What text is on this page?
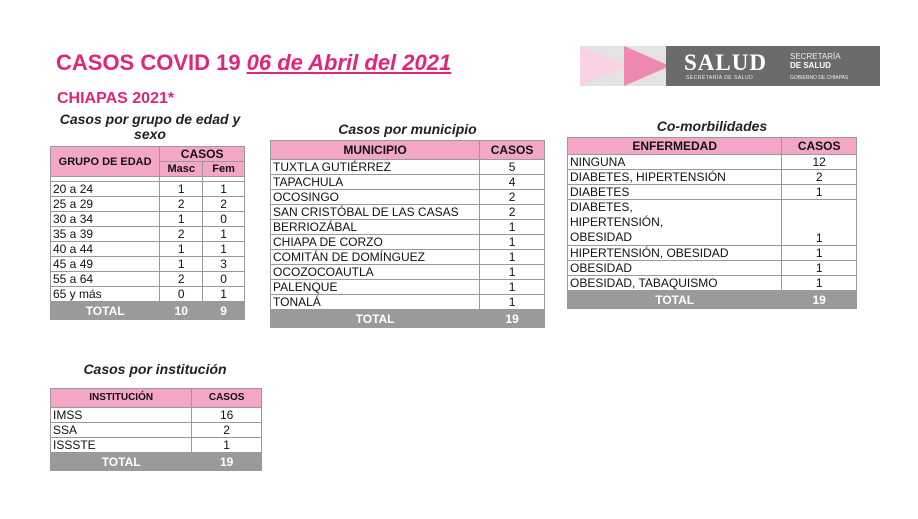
CASOS COVID 19 06 de Abril del 2021
CHIAPAS 2021*
SALUD
SECRETARÍA DE SALUD
SECRETARÍA
DE SALUD
GOBIERNO DE CHIAPAS
Casos por grupo de edad y sexo
GRUPO DE EDAD	CASOS	
	Masc	Fem

20 a 24	1	1
25 a 29	2	2
30 a 34	1	0
35 a 39	2	1
40 a 44	1	1
45 a 49	1	3
55 a 64	2	0
65 y más	0	1
TOTAL	10	9
Casos por municipio
MUNICIPIO	CASOS
TUXTLA GUTIÉRREZ	5
TAPACHULA	4
OCOSINGO	2
SAN CRISTÓBAL DE LAS CASAS	2
BERRIOZÁBAL	1
CHIAPA DE CORZO	1
COMITÁN DE DOMÍNGUEZ	1
OCOZOCOAUTLA	1
PALENQUE	1
TONALÁ	1
TOTAL	19
Co-morbilidades
ENFERMEDAD	CASOS
NINGUNA	12
DIABETES, HIPERTENSIÓN	2
DIABETES	1
DIABETES, HIPERTENSIÓN, OBESIDAD	1
HIPERTENSIÓN, OBESIDAD	1
OBESIDAD	1
OBESIDAD, TABAQUISMO	1
TOTAL	19
Casos por institución
INSTITUCIÓN	CASOS
IMSS	16
SSA	2
ISSSTE	1
TOTAL	19
